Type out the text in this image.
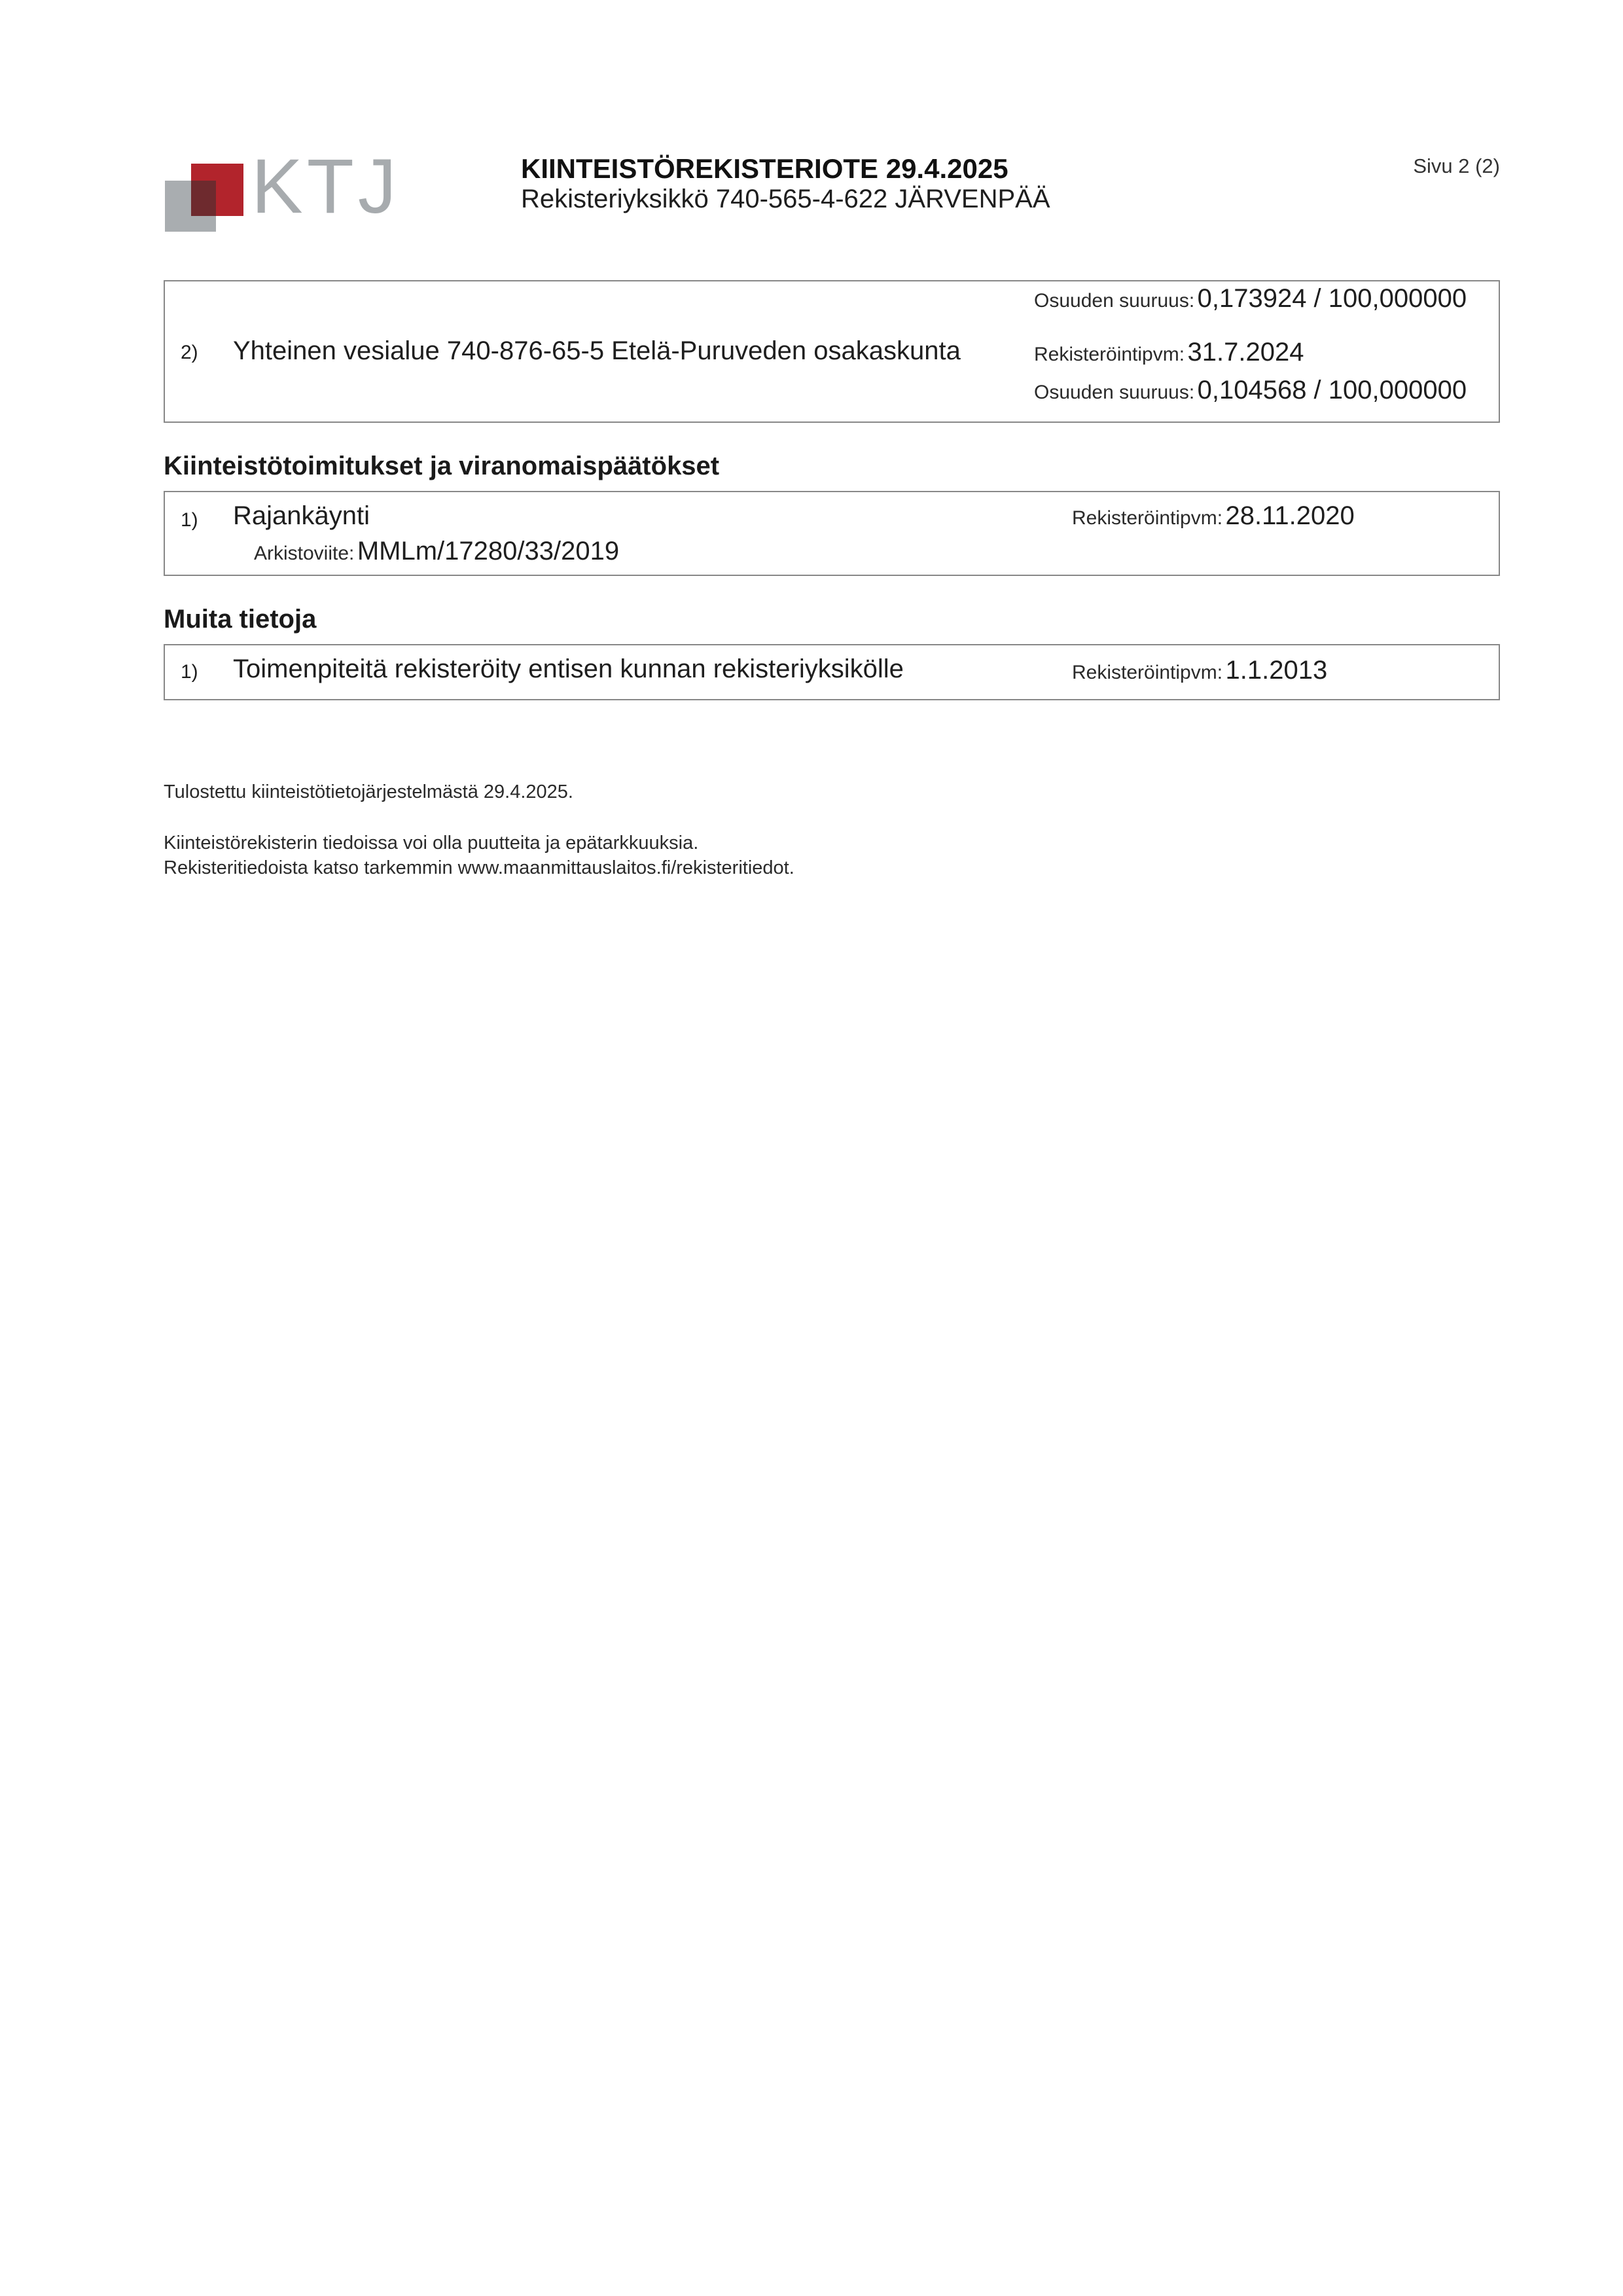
KTJ	KIINTEISTÖREKISTERIOTE 29.4.2025
Rekisteriyksikkö 740-565-4-622 JÄRVENPÄÄ
Sivu 2 (2)
Osuuden suuruus: 0,173924 / 100,000000
2) Yhteinen vesialue 740-876-65-5 Etelä-Puruveden osakaskunta	Rekisteröintipvm: 31.7.2024
Osuuden suuruus: 0,104568 / 100,000000
Kiinteistötoimitukset ja viranomaispäätökset
1) Rajankäynti
Arkistoviite: MMLm/17280/33/2019
Rekisteröintipvm: 28.11.2020
Muita tietoja
1) Toimenpiteitä rekisteröity entisen kunnan rekisteriyksikölle	Rekisteröintipvm: 1.1.2013
Tulostettu kiinteistötietojärjestelmästä 29.4.2025.
Kiinteistörekisterin tiedoissa voi olla puutteita ja epätarkkuuksia.
Rekisteritiedoista katso tarkemmin www.maanmittauslaitos.fi/rekisteritiedot.
